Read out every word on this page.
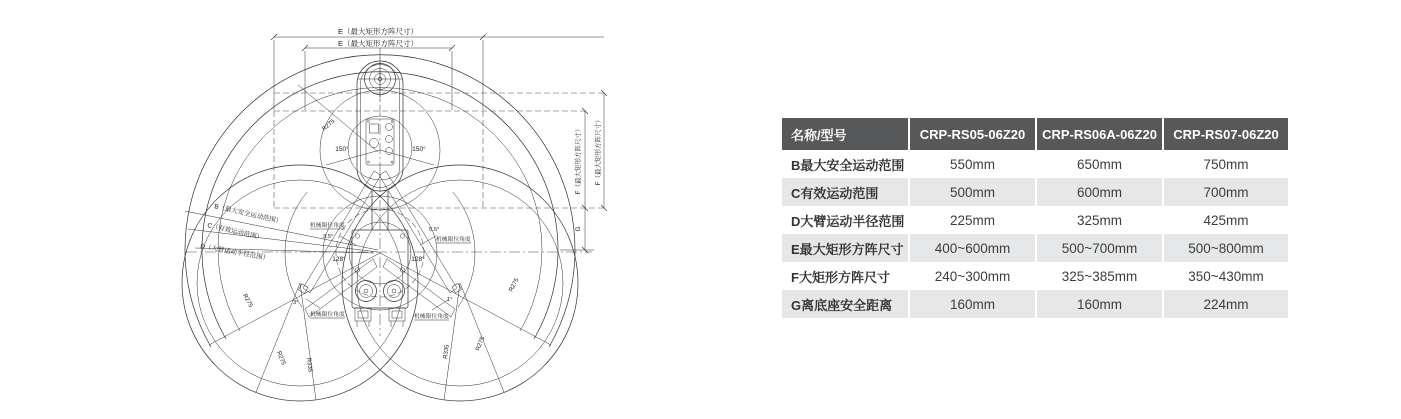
E（最大矩形方阵尺寸）
E（最大矩形方阵尺寸）
F（最大矩形方阵尺寸）	F（最大矩形方阵尺寸）
G
B（最大安全运动范围）
C（有效运动范围）
D（大臂运动半径范围）
150°	150°
128°	128°
机械限位角度
3.5°
5.5°
机械限位角度
3°
机械限位角度
1°
机械限位角度
R275
R275
R275
R275	R335
R335
R275
名称/型号	CRP-RS05-06Z20	CRP-RS06A-06Z20	CRP-RS07-06Z20
B最大安全运动范围	550mm	650mm	750mm
C有效运动范围	500mm	600mm	700mm
D大臂运动半径范围	225mm	325mm	425mm
E最大矩形方阵尺寸	400~600mm	500~700mm	500~800mm
F大矩形方阵尺寸	240~300mm	325~385mm	350~430mm
G离底座安全距离	160mm	160mm	224mm
